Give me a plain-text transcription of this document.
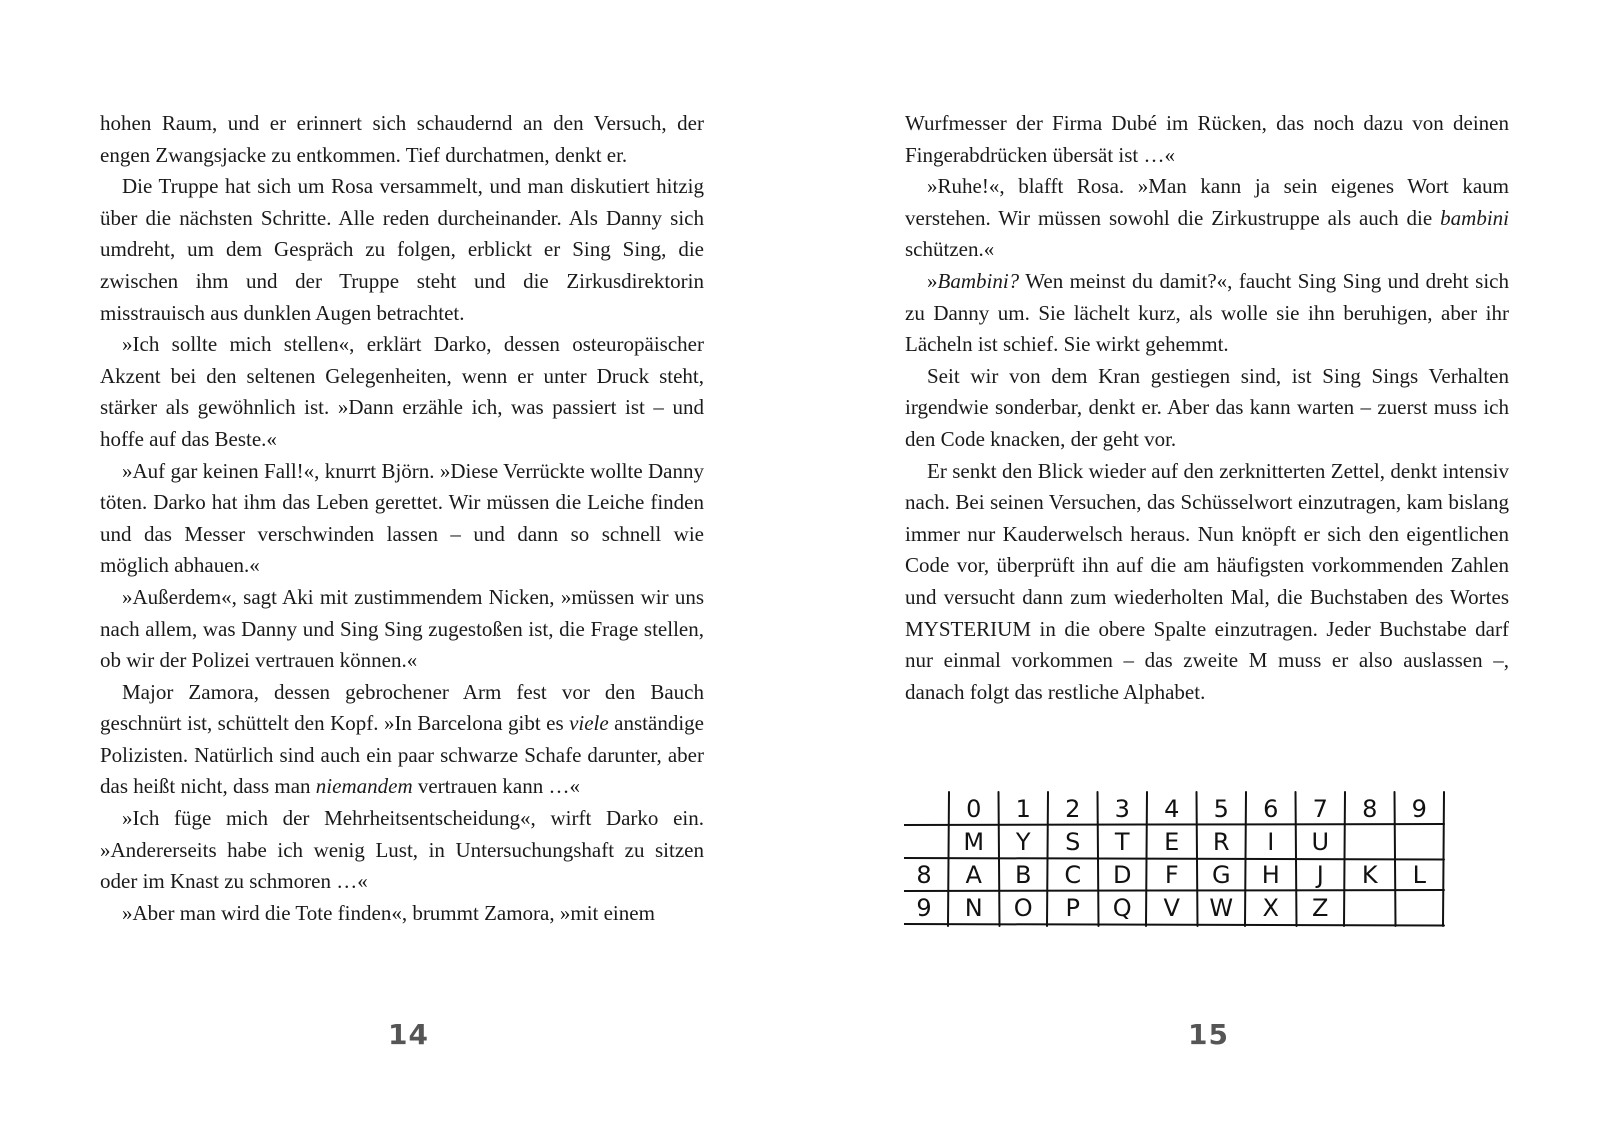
hohen Raum, und er erinnert sich schaudernd an den Versuch, der engen Zwangsjacke zu entkommen. Tief durchatmen, denkt er.

Die Truppe hat sich um Rosa versammelt, und man diskutiert hitzig über die nächsten Schritte. Alle reden durcheinander. Als Danny sich umdreht, um dem Gespräch zu folgen, erblickt er Sing Sing, die zwischen ihm und der Truppe steht und die Zirkusdirektorin misstrauisch aus dunklen Augen betrachtet.

»Ich sollte mich stellen«, erklärt Darko, dessen osteuropäischer Akzent bei den seltenen Gelegenheiten, wenn er unter Druck steht, stärker als gewöhnlich ist. »Dann erzähle ich, was passiert ist – und hoffe auf das Beste.«

»Auf gar keinen Fall!«, knurrt Björn. »Diese Verrückte wollte Danny töten. Darko hat ihm das Leben gerettet. Wir müssen die Leiche finden und das Messer verschwinden lassen – und dann so schnell wie möglich abhauen.«

»Außerdem«, sagt Aki mit zustimmendem Nicken, »müssen wir uns nach allem, was Danny und Sing Sing zugestoßen ist, die Frage stellen, ob wir der Polizei vertrauen können.«

Major Zamora, dessen gebrochener Arm fest vor den Bauch geschnürt ist, schüttelt den Kopf. »In Barcelona gibt es viele anständige Polizisten. Natürlich sind auch ein paar schwarze Schafe darunter, aber das heißt nicht, dass man niemandem vertrauen kann …«

»Ich füge mich der Mehrheitsentscheidung«, wirft Darko ein. »Andererseits habe ich wenig Lust, in Untersuchungshaft zu sitzen oder im Knast zu schmoren …«

»Aber man wird die Tote finden«, brummt Zamora, »mit einem

14

Wurfmesser der Firma Dubé im Rücken, das noch dazu von deinen Fingerabdrücken übersät ist …«

»Ruhe!«, blafft Rosa. »Man kann ja sein eigenes Wort kaum verstehen. Wir müssen sowohl die Zirkustruppe als auch die bambini schützen.«

»Bambini? Wen meinst du damit?«, faucht Sing Sing und dreht sich zu Danny um. Sie lächelt kurz, als wolle sie ihn beruhigen, aber ihr Lächeln ist schief. Sie wirkt gehemmt.

Seit wir von dem Kran gestiegen sind, ist Sing Sings Verhalten irgendwie sonderbar, denkt er. Aber das kann warten – zuerst muss ich den Code knacken, der geht vor.

Er senkt den Blick wieder auf den zerknitterten Zettel, denkt intensiv nach. Bei seinen Versuchen, das Schüsselwort einzutragen, kam bislang immer nur Kauderwelsch heraus. Nun knöpft er sich den eigentlichen Code vor, überprüft ihn auf die am häufigsten vorkommenden Zahlen und versucht dann zum wiederholten Mal, die Buchstaben des Wortes MYSTERIUM in die obere Spalte einzutragen. Jeder Buchstabe darf nur einmal vorkommen – das zweite M muss er also auslassen –, danach folgt das restliche Alphabet.

0 1 2 3 4 5 6 7 8 9
M Y S T E R I U
8 A B C D F G H J K L
9 N O P Q V W X Z
15
